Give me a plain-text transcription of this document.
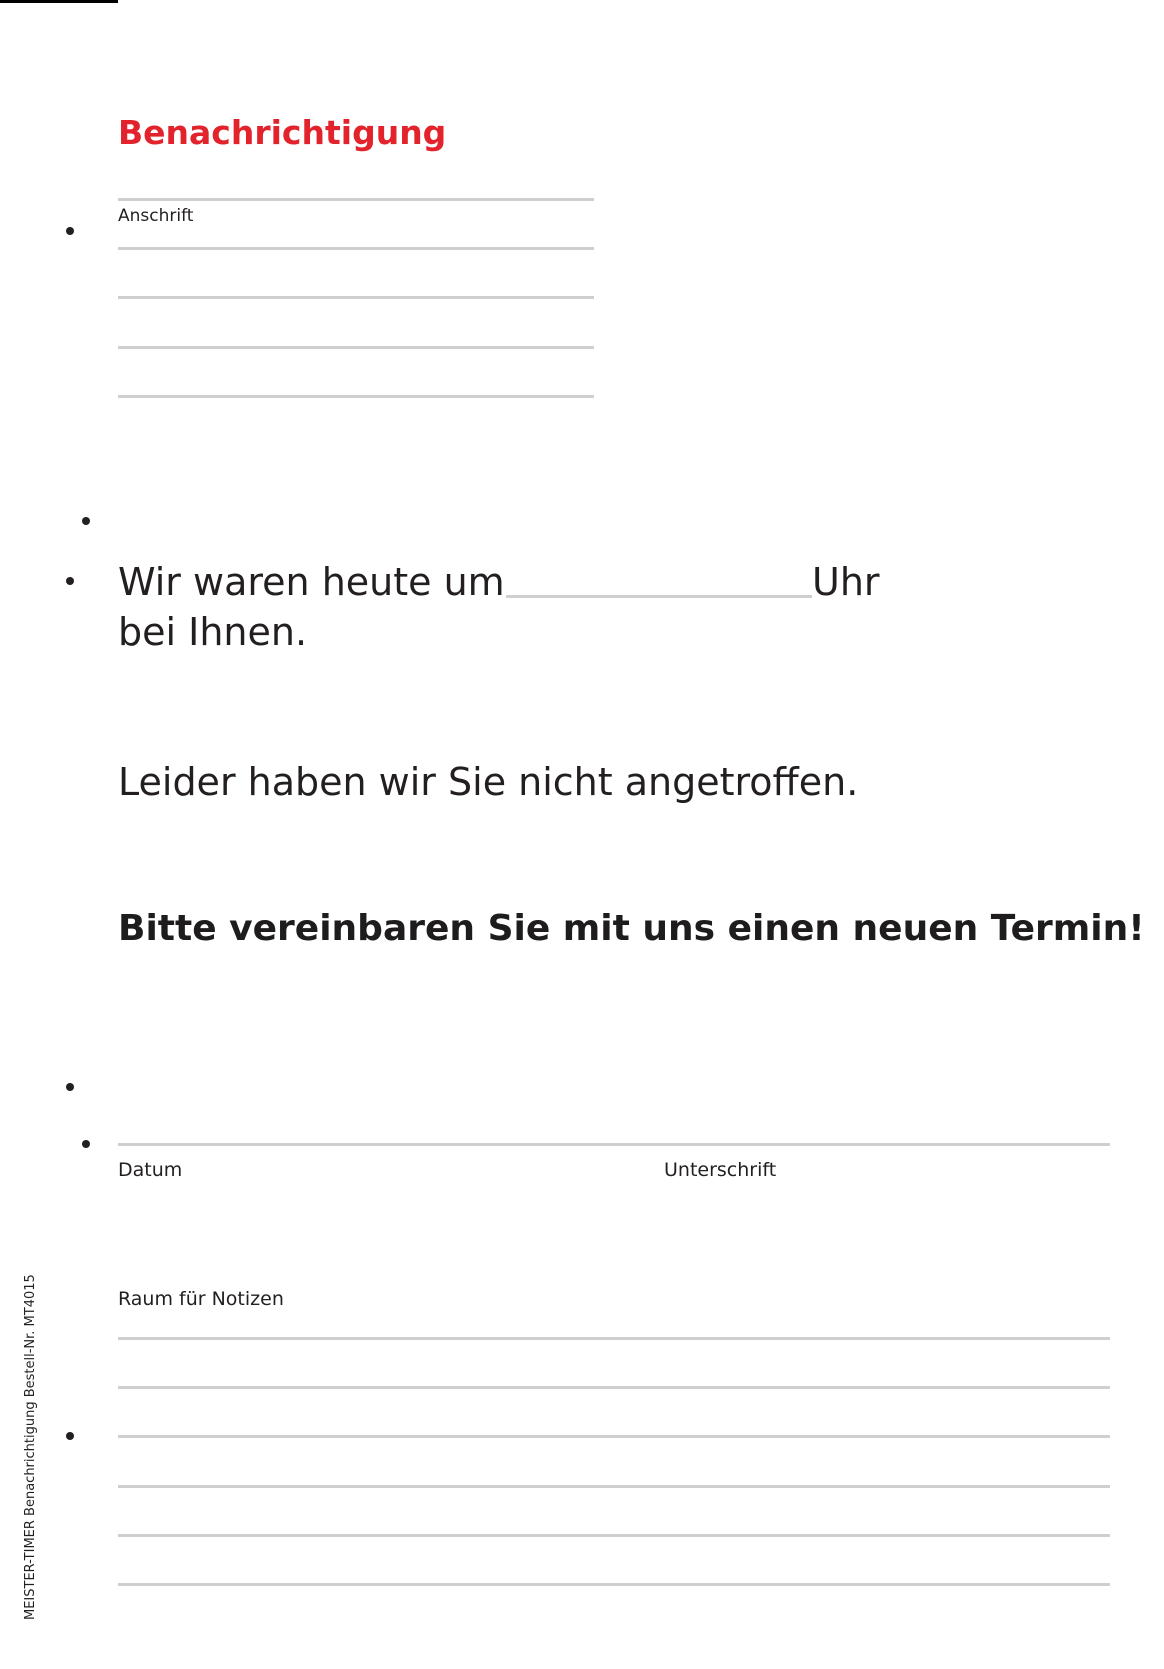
Benachrichtigung
Anschrift
Wir waren heute um	Uhr
bei Ihnen.
Leider haben wir Sie nicht angetroffen.
Bitte vereinbaren Sie mit uns einen neuen Termin!
Datum	Unterschrift
Raum für Notizen
MEISTER-TIMER Benachrichtigung Bestell-Nr. MT4015
